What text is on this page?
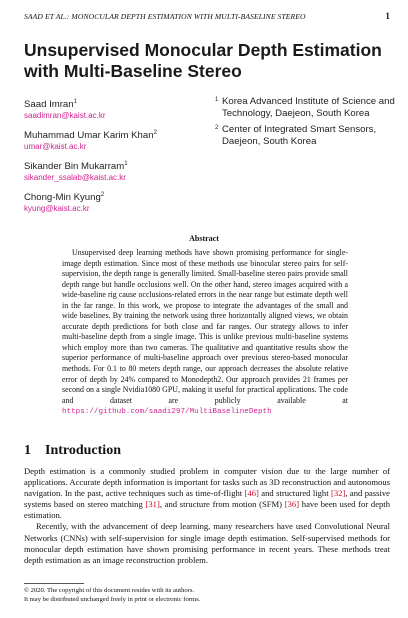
SAAD ET AL.: MONOCULAR DEPTH ESTIMATION WITH MULTI-BASELINE STEREO	1
Unsupervised Monocular Depth Estimation with Multi-Baseline Stereo
Saad Imran$^1$
saadimran@kaist.ac.kr
Muhammad Umar Karim Khan$^2$
umar@kaist.ac.kr
Sikander Bin Mukarram$^1$
sikander_ssalab@kaist.ac.kr
Chong-Min Kyung$^2$
kyung@kaist.ac.kr
1 Korea Advanced Institute of Science and Technology, Daejeon, South Korea
2 Center of Integrated Smart Sensors, Daejeon, South Korea
Abstract

Unsupervised deep learning methods have shown promising performance for single-image depth estimation. Since most of these methods use binocular stereo pairs for self-supervision, the depth range is generally limited. Small-baseline stereo pairs provide small depth range but handle occlusions well. On the other hand, stereo images acquired with a wide-baseline rig cause occlusions-related errors in the near range but estimate depth well in the far range. In this work, we propose to integrate the advantages of the small and wide baselines. By training the network using three horizontally aligned views, we obtain accurate depth predictions for both close and far ranges. Our strategy allows to infer multi-baseline depth from a single image. This is unlike previous multi-baseline systems which employ more than two cameras. The qualitative and quantitative results show the superior performance of multi-baseline approach over previous stereo-based monocular methods. For 0.1 to 80 meters depth range, our approach decreases the absolute relative error of depth by 24% compared to Monodepth2. Our approach provides 21 frames per second on a single Nvidia1080 GPU, making it useful for practical applications. The code and dataset are publicly available at https://github.com/saadi297/MultiBaselineDepth

1 Introduction

Depth estimation is a commonly studied problem in computer vision due to the large number of applications. Accurate depth information is important for tasks such as 3D reconstruction and autonomous navigation. In the past, active techniques such as time-of-flight [46] and structured light [32], and passive systems based on stereo matching [31], and structure from motion (SFM) [36] have been used for depth estimation.

Recently, with the advancement of deep learning, many researchers have used Convolutional Neural Networks (CNNs) with self-supervision for single image depth estimation. Self-supervised methods for monocular depth estimation have shown promising performance in recent years. These methods treat depth estimation as an image reconstruction problem.

© 2020. The copyright of this document resides with its authors.
It may be distributed unchanged freely in print or electronic forms.
